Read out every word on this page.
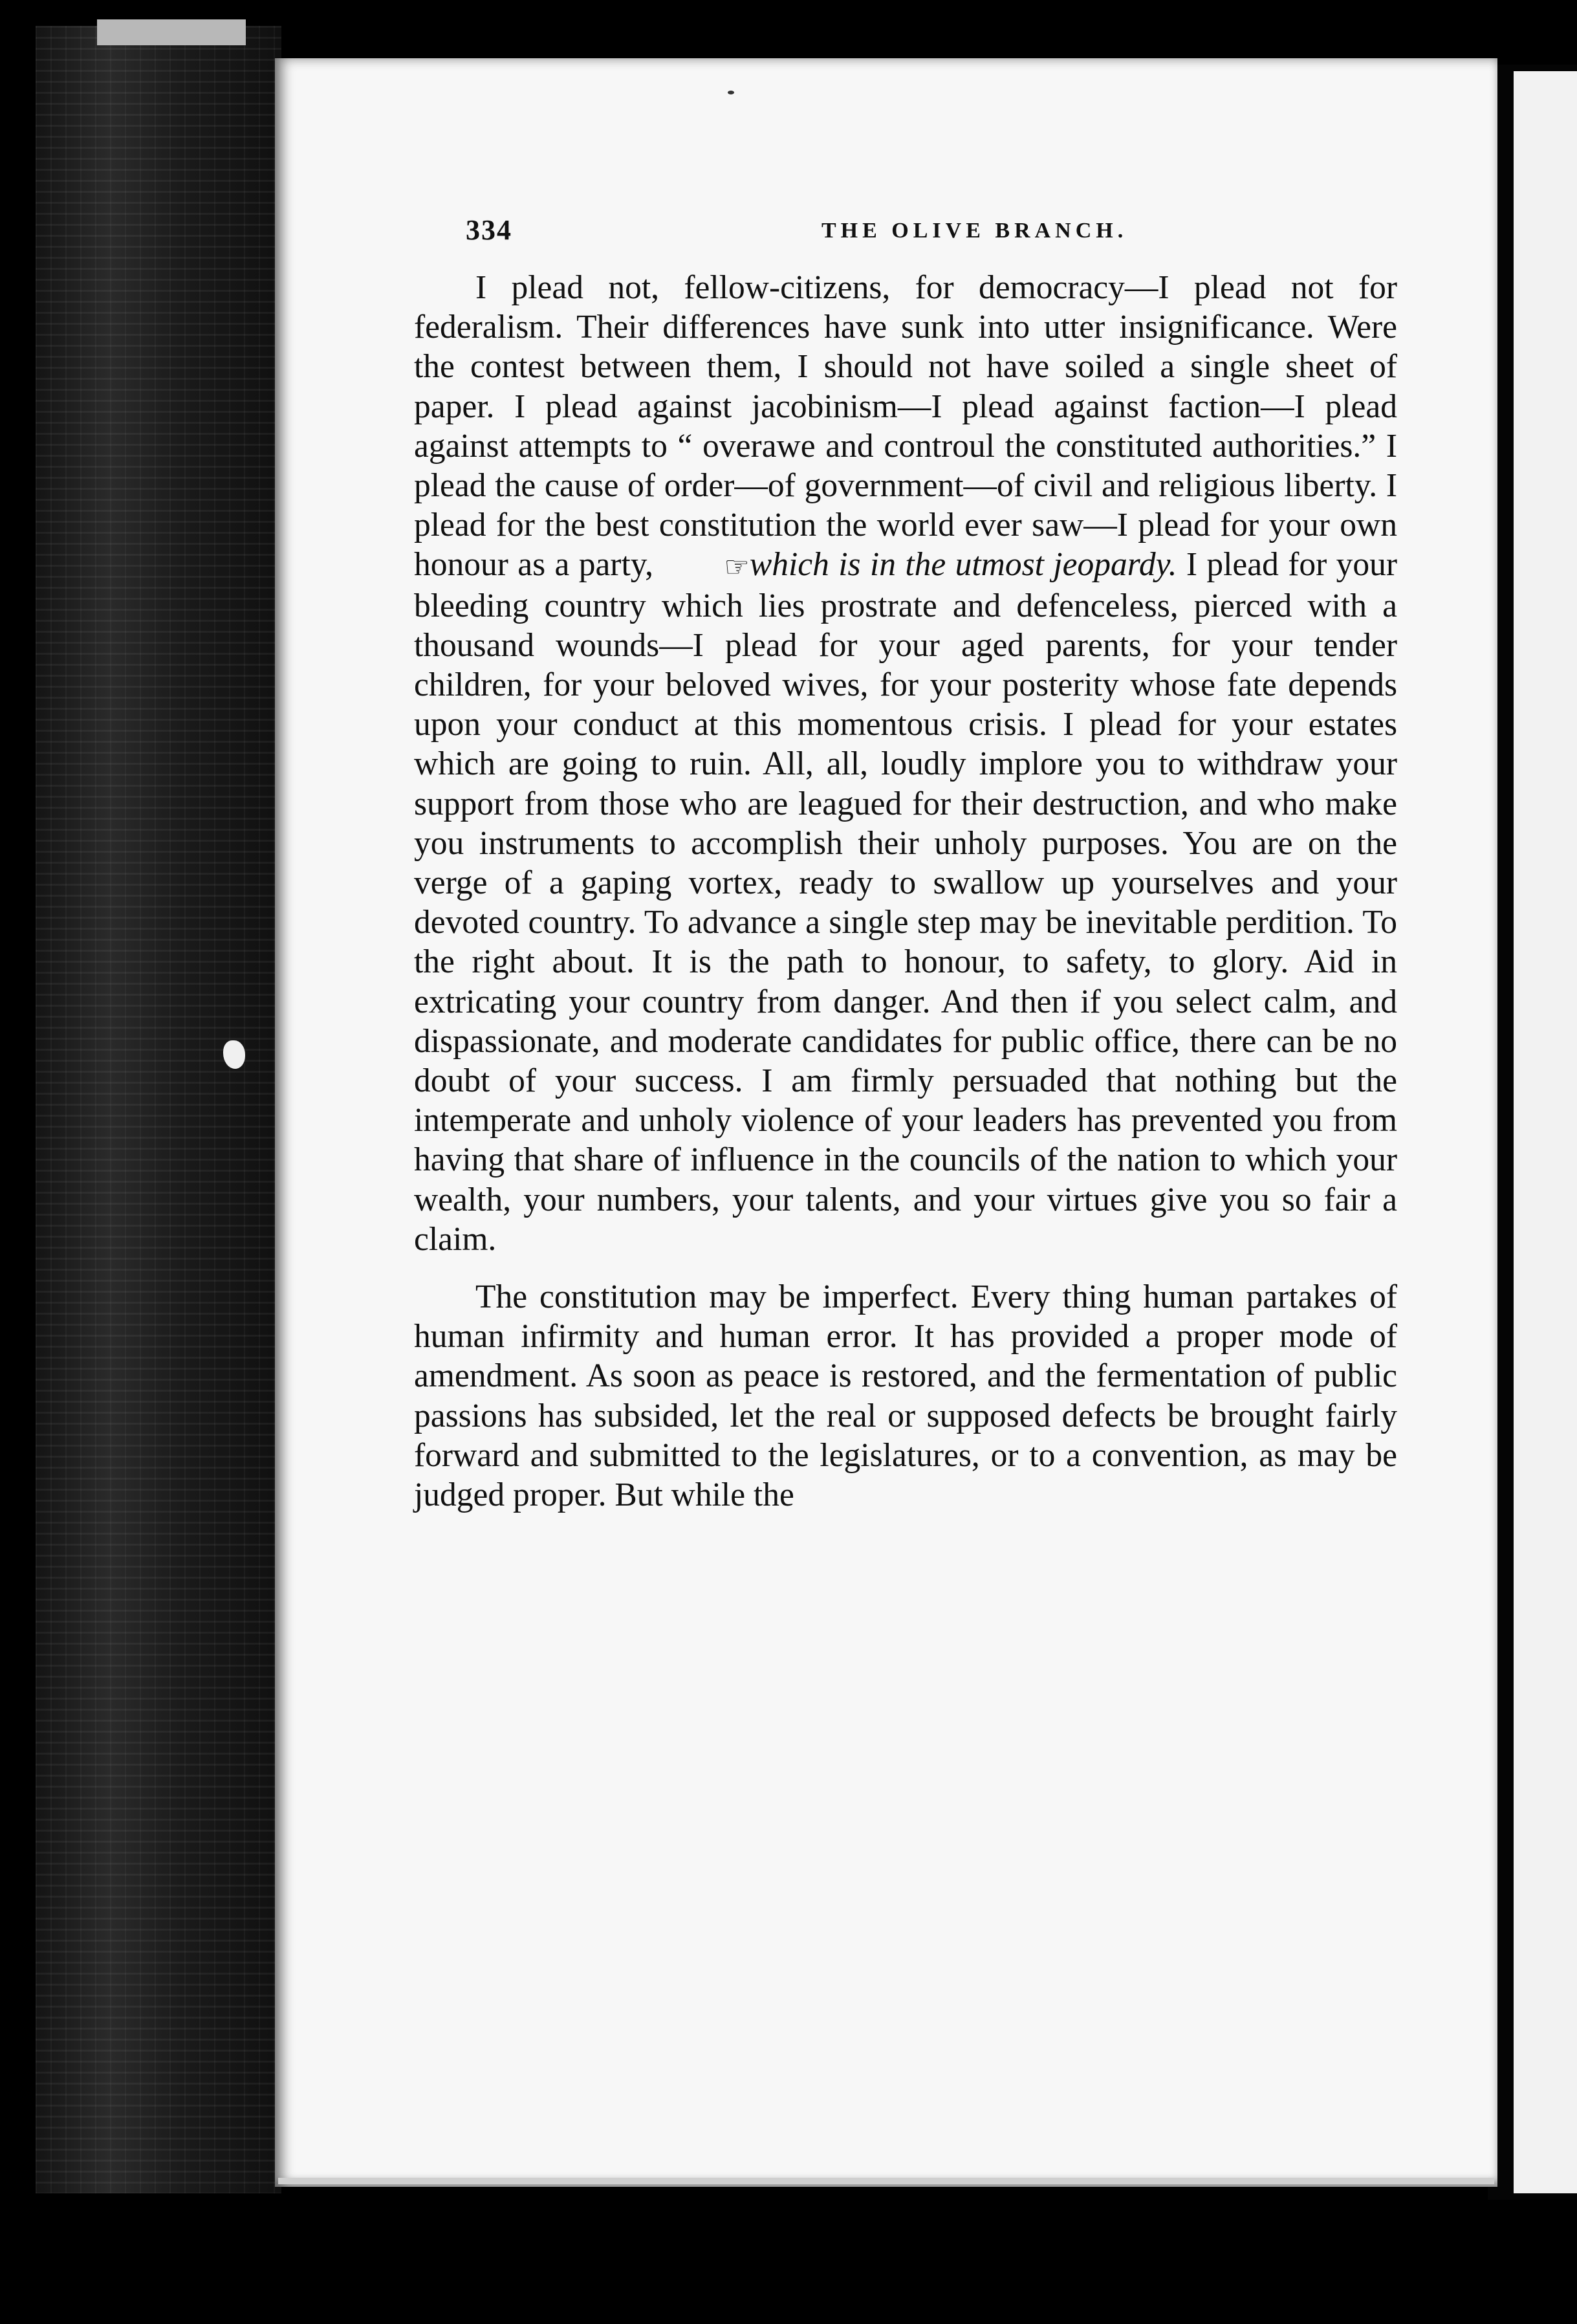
334	THE OLIVE BRANCH.

I plead not, fellow-citizens, for democracy—I plead not for federalism. Their differences have sunk into utter insignificance. Were the contest between them, I should not have soiled a single sheet of paper. I plead against jacobinism—I plead against faction—I plead against attempts to “ overawe and controul the constituted authorities.” I plead the cause of order—of government—of civil and religious liberty. I plead for the best constitution the world ever saw—I plead for your own honour as a party, ☞which is in the utmost jeopardy. I plead for your bleeding country which lies prostrate and defenceless, pierced with a thousand wounds—I plead for your aged parents, for your tender children, for your beloved wives, for your posterity whose fate depends upon your conduct at this momentous crisis. I plead for your estates which are going to ruin. All, all, loudly implore you to withdraw your support from those who are leagued for their destruction, and who make you instruments to accomplish their unholy purposes. You are on the verge of a gaping vortex, ready to swallow up yourselves and your devoted country. To advance a single step may be inevitable perdition. To the right about. It is the path to honour, to safety, to glory. Aid in extricating your country from danger. And then if you select calm, and dispassionate, and moderate candidates for public office, there can be no doubt of your success. I am firmly persuaded that nothing but the intemperate and unholy violence of your leaders has prevented you from having that share of influence in the councils of the nation to which your wealth, your numbers, your talents, and your virtues give you so fair a claim.

The constitution may be imperfect. Every thing human partakes of human infirmity and human error. It has provided a proper mode of amendment. As soon as peace is restored, and the fermentation of public passions has subsided, let the real or supposed defects be brought fairly forward and submitted to the legislatures, or to a convention, as may be judged proper. But while the
